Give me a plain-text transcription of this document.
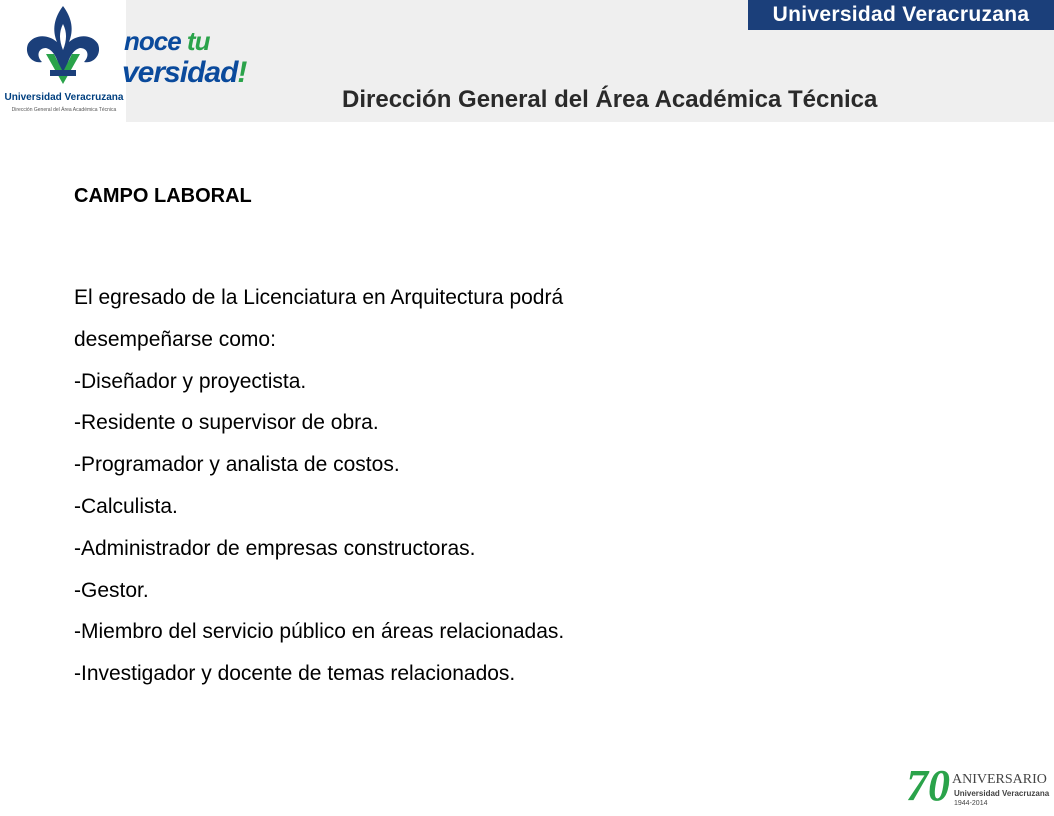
Universidad Veracruzana
Dirección General del Área Académica Técnica
noce tu
versidad!
Universidad Veracruzana
Dirección General del Área Académica Técnica
CAMPO LABORAL
El egresado de la Licenciatura en Arquitectura podrá
desempeñarse como:
-Diseñador y proyectista.
-Residente o supervisor de obra.
-Programador y analista de costos.
-Calculista.
-Administrador de empresas constructoras.
-Gestor.
-Miembro del servicio público en áreas relacionadas.
-Investigador y docente de temas relacionados.
70 ANIVERSARIO
Universidad Veracruzana
1944-2014
